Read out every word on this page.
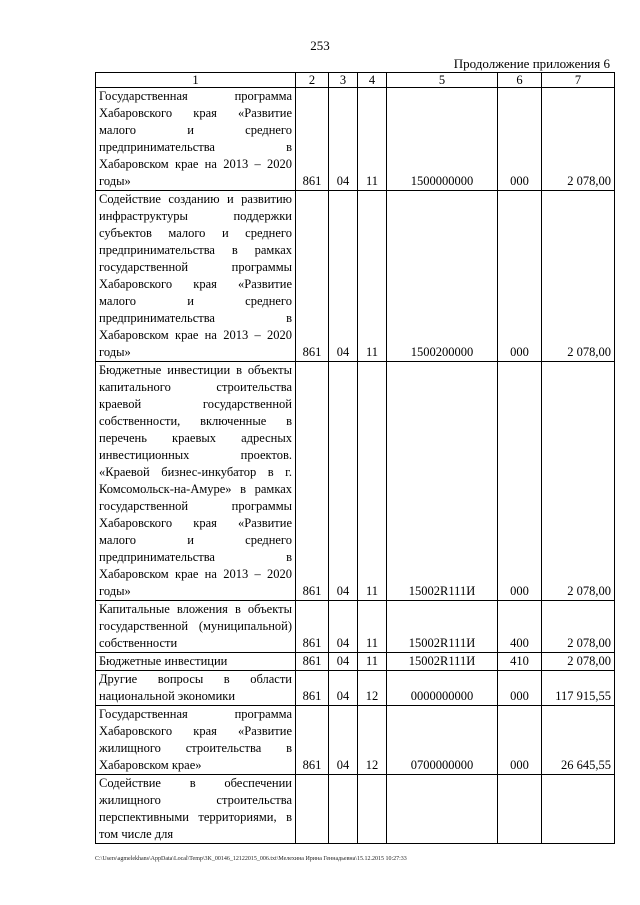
253
Продолжение приложения 6
1	2	3	4	5	6	7
Государственная программа Хабаровского края «Развитие малого и среднего предпринимательства в Хабаровском крае на 2013 – 2020 годы»	861	04	11	1500000000	000	2 078,00
Содействие созданию и развитию инфраструктуры поддержки субъектов малого и среднего предпринимательства в рамках государственной программы Хабаровского края «Развитие малого и среднего предпринимательства в Хабаровском крае на 2013 – 2020 годы»	861	04	11	1500200000	000	2 078,00
Бюджетные инвестиции в объекты капитального строительства краевой государственной собственности, включенные в перечень краевых адресных инвестиционных проектов. «Краевой бизнес-инкубатор в г. Комсомольск-на-Амуре» в рамках государственной программы Хабаровского края «Развитие малого и среднего предпринимательства в Хабаровском крае на 2013 – 2020 годы»	861	04	11	15002R111И	000	2 078,00
Капитальные вложения в объекты государственной (муниципальной) собственности	861	04	11	15002R111И	400	2 078,00
Бюджетные инвестиции	861	04	11	15002R111И	410	2 078,00
Другие вопросы в области национальной экономики	861	04	12	0000000000	000	117 915,55
Государственная программа Хабаровского края «Развитие жилищного строительства в Хабаровском крае»	861	04	12	0700000000	000	26 645,55
Содействие в обеспечении жилищного строительства перспективными территориями, в том числе для						
C:\Users\agmelekhans\AppData\Local\Temp\3K_00146_12122015_006.txt\Мелехина Ирина Геннадьевна\15.12.2015 10:27:33
